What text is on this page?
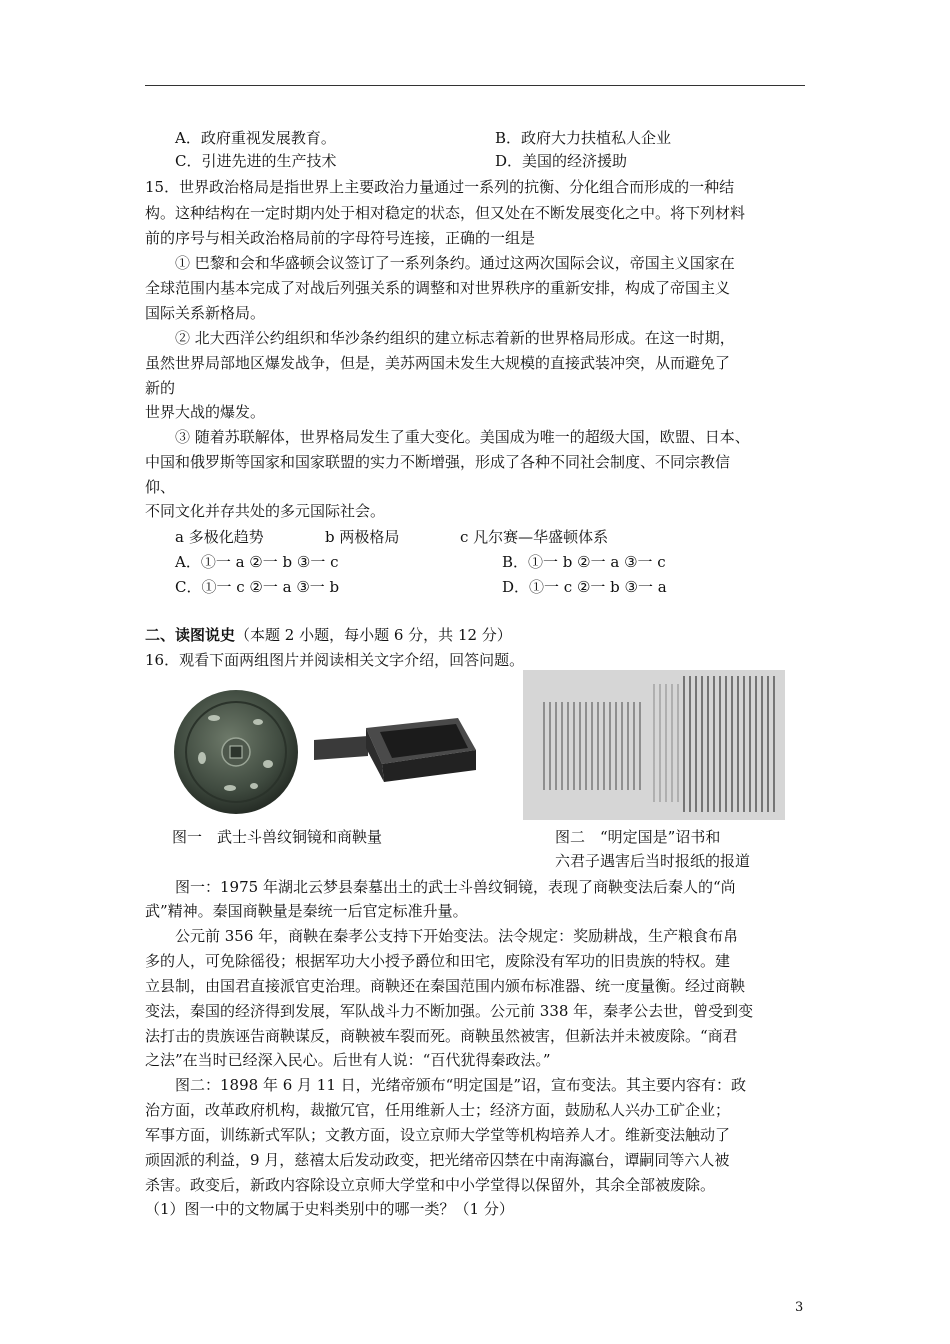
A．政府重视发展教育。	B．政府大力扶植私人企业
C．引进先进的生产技术	D．美国的经济援助
15．世界政治格局是指世界上主要政治力量通过一系列的抗衡、分化组合而形成的一种结
构。这种结构在一定时期内处于相对稳定的状态，但又处在不断发展变化之中。将下列材料
前的序号与相关政治格局前的字母符号连接，正确的一组是
① 巴黎和会和华盛顿会议签订了一系列条约。通过这两次国际会议，帝国主义国家在
全球范围内基本完成了对战后列强关系的调整和对世界秩序的重新安排，构成了帝国主义
国际关系新格局。
② 北大西洋公约组织和华沙条约组织的建立标志着新的世界格局形成。在这一时期，
虽然世界局部地区爆发战争，但是，美苏两国未发生大规模的直接武装冲突，从而避免了
新的
世界大战的爆发。
③ 随着苏联解体，世界格局发生了重大变化。美国成为唯一的超级大国，欧盟、日本、
中国和俄罗斯等国家和国家联盟的实力不断增强，形成了各种不同社会制度、不同宗教信
仰、
不同文化并存共处的多元国际社会。
a 多极化趋势	b 两极格局	c 凡尔赛—华盛顿体系
A．①一 a ②一 b ③一 c	B．①一 b ②一 a ③一 c
C．①一 c ②一 a ③一 b	D．①一 c ②一 b ③一 a
二、读图说史（本题 2 小题，每小题 6 分，共 12 分）
16．观看下面两组图片并阅读相关文字介绍，回答问题。
图一　武士斗兽纹铜镜和商鞅量	图二　“明定国是”诏书和
六君子遇害后当时报纸的报道
图一：1975 年湖北云梦县秦墓出土的武士斗兽纹铜镜，表现了商鞅变法后秦人的“尚
武”精神。秦国商鞅量是秦统一后官定标准升量。
公元前 356 年，商鞅在秦孝公支持下开始变法。法令规定：奖励耕战，生产粮食布帛
多的人，可免除徭役；根据军功大小授予爵位和田宅，废除没有军功的旧贵族的特权。建
立县制，由国君直接派官吏治理。商鞅还在秦国范围内颁布标准器、统一度量衡。经过商鞅
变法，秦国的经济得到发展，军队战斗力不断加强。公元前 338 年，秦孝公去世，曾受到变
法打击的贵族诬告商鞅谋反，商鞅被车裂而死。商鞅虽然被害，但新法并未被废除。“商君
之法”在当时已经深入民心。后世有人说：“百代犹得秦政法。”
图二：1898 年 6 月 11 日，光绪帝颁布“明定国是”诏，宣布变法。其主要内容有：政
治方面，改革政府机构，裁撤冗官，任用维新人士；经济方面，鼓励私人兴办工矿企业；
军事方面，训练新式军队；文教方面，设立京师大学堂等机构培养人才。维新变法触动了
顽固派的利益，9 月，慈禧太后发动政变，把光绪帝囚禁在中南海瀛台，谭嗣同等六人被
杀害。政变后，新政内容除设立京师大学堂和中小学堂得以保留外，其余全部被废除。
（1）图一中的文物属于史料类别中的哪一类？（1 分）
3
